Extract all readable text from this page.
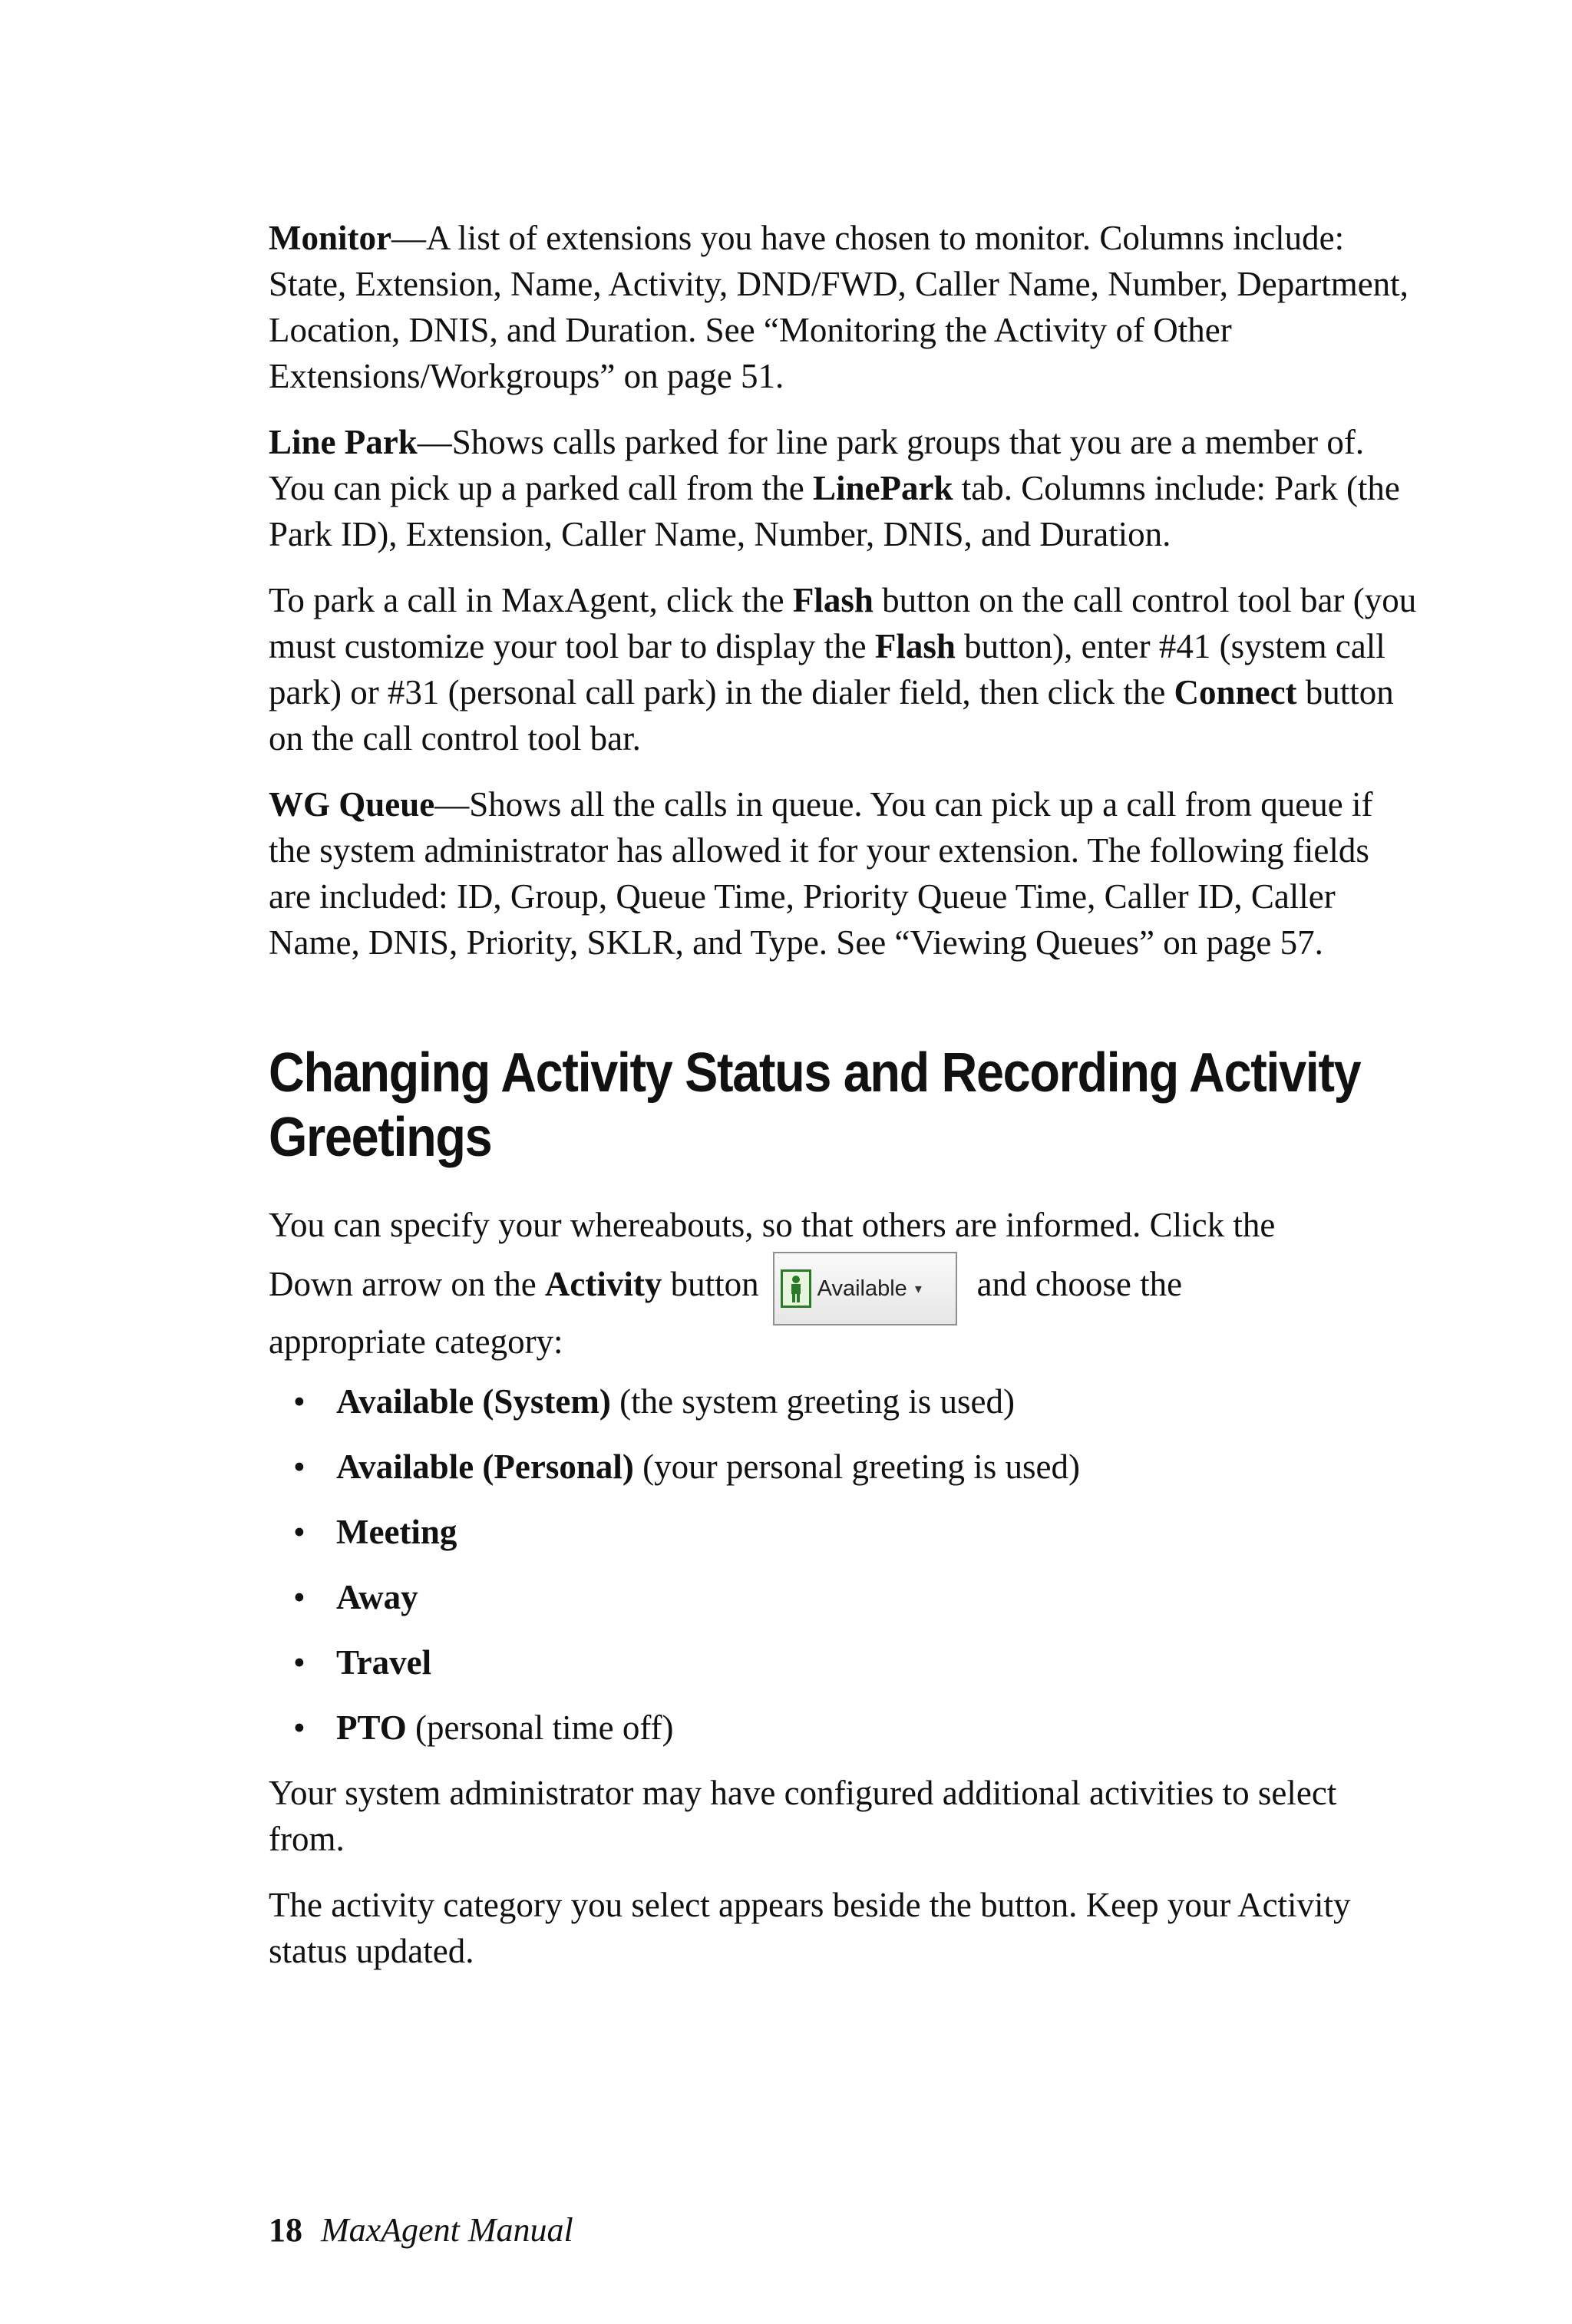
Monitor—A list of extensions you have chosen to monitor. Columns include: State, Extension, Name, Activity, DND/FWD, Caller Name, Number, Department, Location, DNIS, and Duration. See “Monitoring the Activity of Other Extensions/Workgroups” on page 51.

Line Park—Shows calls parked for line park groups that you are a member of. You can pick up a parked call from the LinePark tab. Columns include: Park (the Park ID), Extension, Caller Name, Number, DNIS, and Duration.

To park a call in MaxAgent, click the Flash button on the call control tool bar (you must customize your tool bar to display the Flash button), enter #41 (system call park) or #31 (personal call park) in the dialer field, then click the Connect button on the call control tool bar.

WG Queue—Shows all the calls in queue. You can pick up a call from queue if the system administrator has allowed it for your extension. The following fields are included: ID, Group, Queue Time, Priority Queue Time, Caller ID, Caller Name, DNIS, Priority, SKLR, and Type. See “Viewing Queues” on page 57.

Changing Activity Status and Recording Activity Greetings
You can specify your whereabouts, so that others are informed. Click the
Down arrow on the Activity button	Available ▾ and choose the
appropriate category:
• Available (System) (the system greeting is used)
• Available (Personal) (your personal greeting is used)
• Meeting
• Away
• Travel
• PTO (personal time off)

Your system administrator may have configured additional activities to select from.

The activity category you select appears beside the button. Keep your Activity status updated.

18 MaxAgent Manual
